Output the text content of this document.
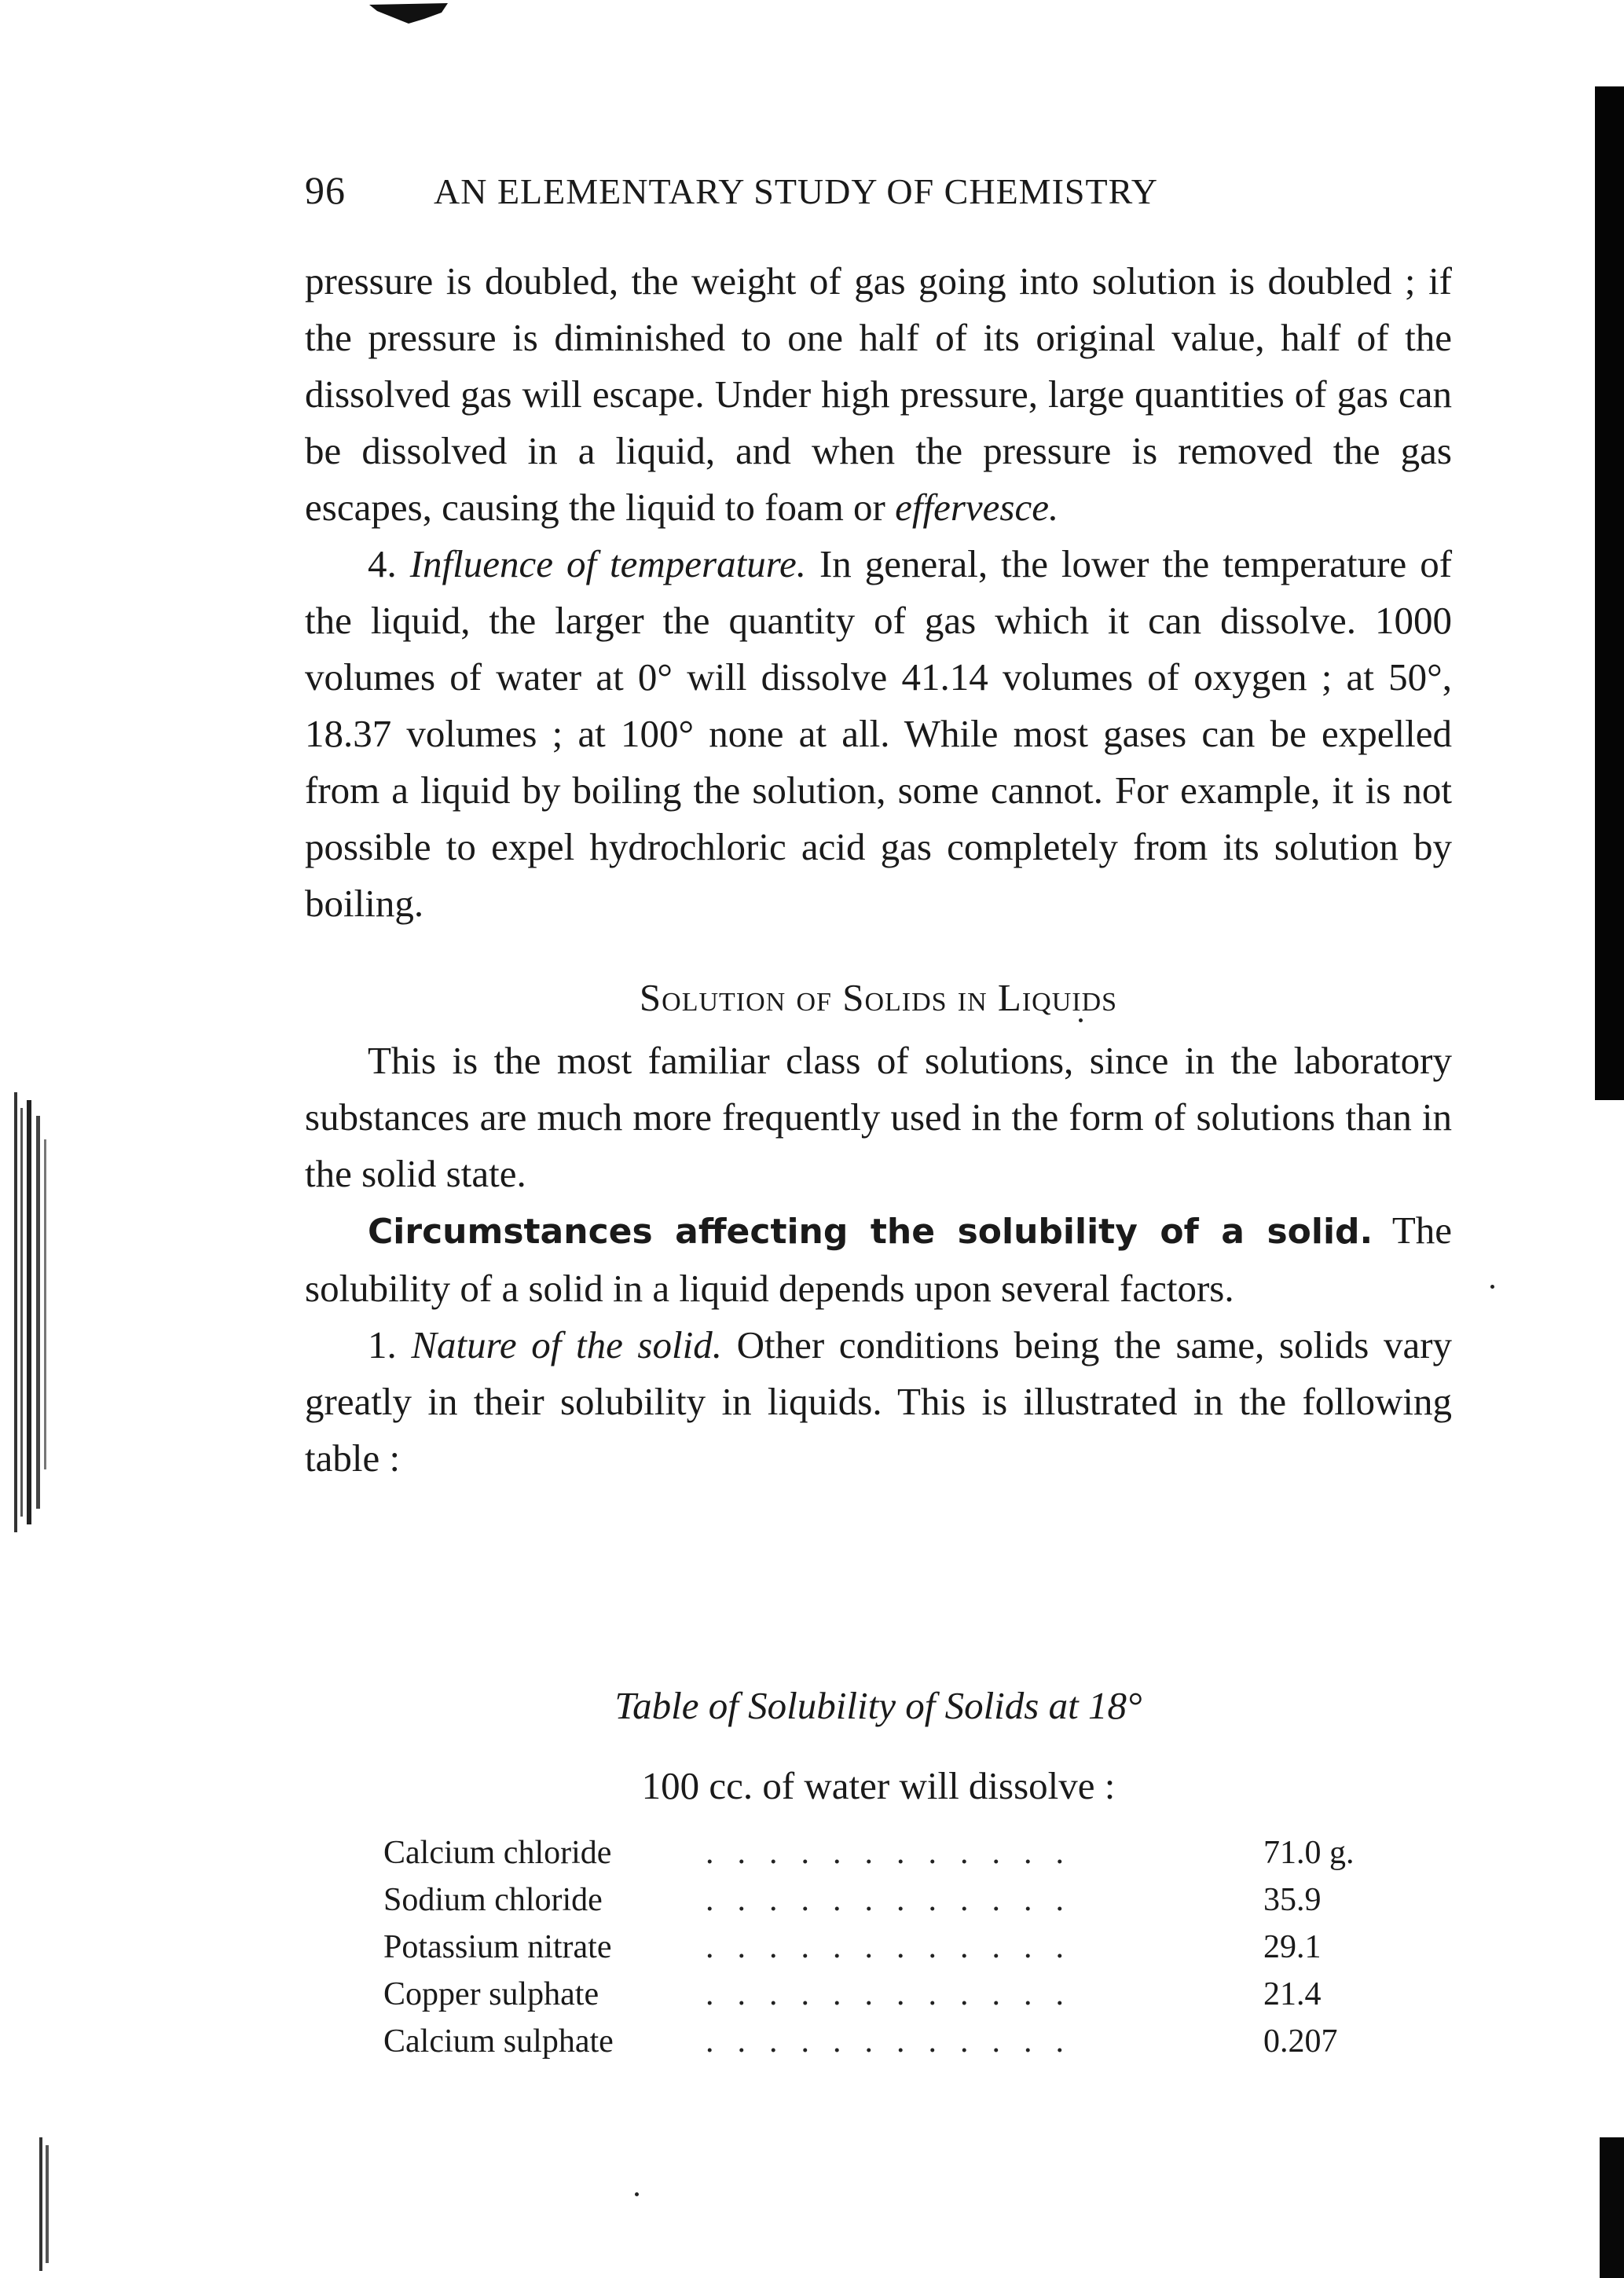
96 AN ELEMENTARY STUDY OF CHEMISTRY

pressure is doubled, the weight of gas going into solution is doubled ; if the pressure is diminished to one half of its original value, half of the dissolved gas will escape. Under high pressure, large quantities of gas can be dissolved in a liquid, and when the pressure is removed the gas escapes, causing the liquid to foam or effervesce.

4. Influence of temperature. In general, the lower the temperature of the liquid, the larger the quantity of gas which it can dissolve. 1000 volumes of water at 0° will dissolve 41.14 volumes of oxygen ; at 50°, 18.37 volumes ; at 100° none at all. While most gases can be expelled from a liquid by boiling the solution, some cannot. For example, it is not possible to expel hydrochloric acid gas completely from its solution by boiling.

Solution of Solids in Liquids

This is the most familiar class of solutions, since in the laboratory substances are much more frequently used in the form of solutions than in the solid state.

Circumstances affecting the solubility of a solid. The solubility of a solid in a liquid depends upon several factors.

1. Nature of the solid. Other conditions being the same, solids vary greatly in their solubility in liquids. This is illustrated in the following table :

Table of Solubility of Solids at 18°
100 cc. of water will dissolve :
Calcium chloride	............	71.0 g.
Sodium chloride	............	35.9
Potassium nitrate	............	29.1
Copper sulphate	............	21.4
Calcium sulphate	............	0.207
